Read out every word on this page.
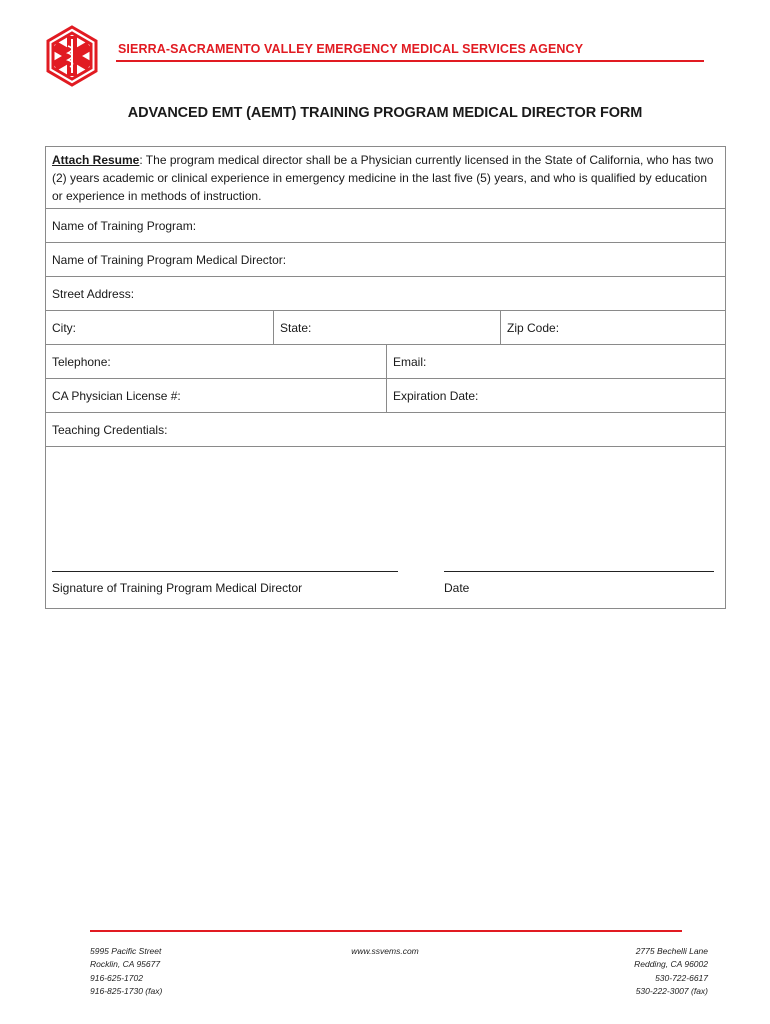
SIERRA-SACRAMENTO VALLEY EMERGENCY MEDICAL SERVICES AGENCY
ADVANCED EMT (AEMT) TRAINING PROGRAM MEDICAL DIRECTOR FORM
Attach Resume: The program medical director shall be a Physician currently licensed in the State of California, who has two (2) years academic or clinical experience in emergency medicine in the last five (5) years, and who is qualified by education or experience in methods of instruction.
Name of Training Program:
Name of Training Program Medical Director:
Street Address:
City:	State:	Zip Code:
Telephone:	Email:
CA Physician License #:	Expiration Date:
Teaching Credentials:
Signature of Training Program Medical Director	Date
5995 Pacific Street
Rocklin, CA 95677
916-625-1702
916-825-1730 (fax)
www.ssvems.com	2775 Bechelli Lane
Redding, CA 96002
530-722-6617
530-222-3007 (fax)
